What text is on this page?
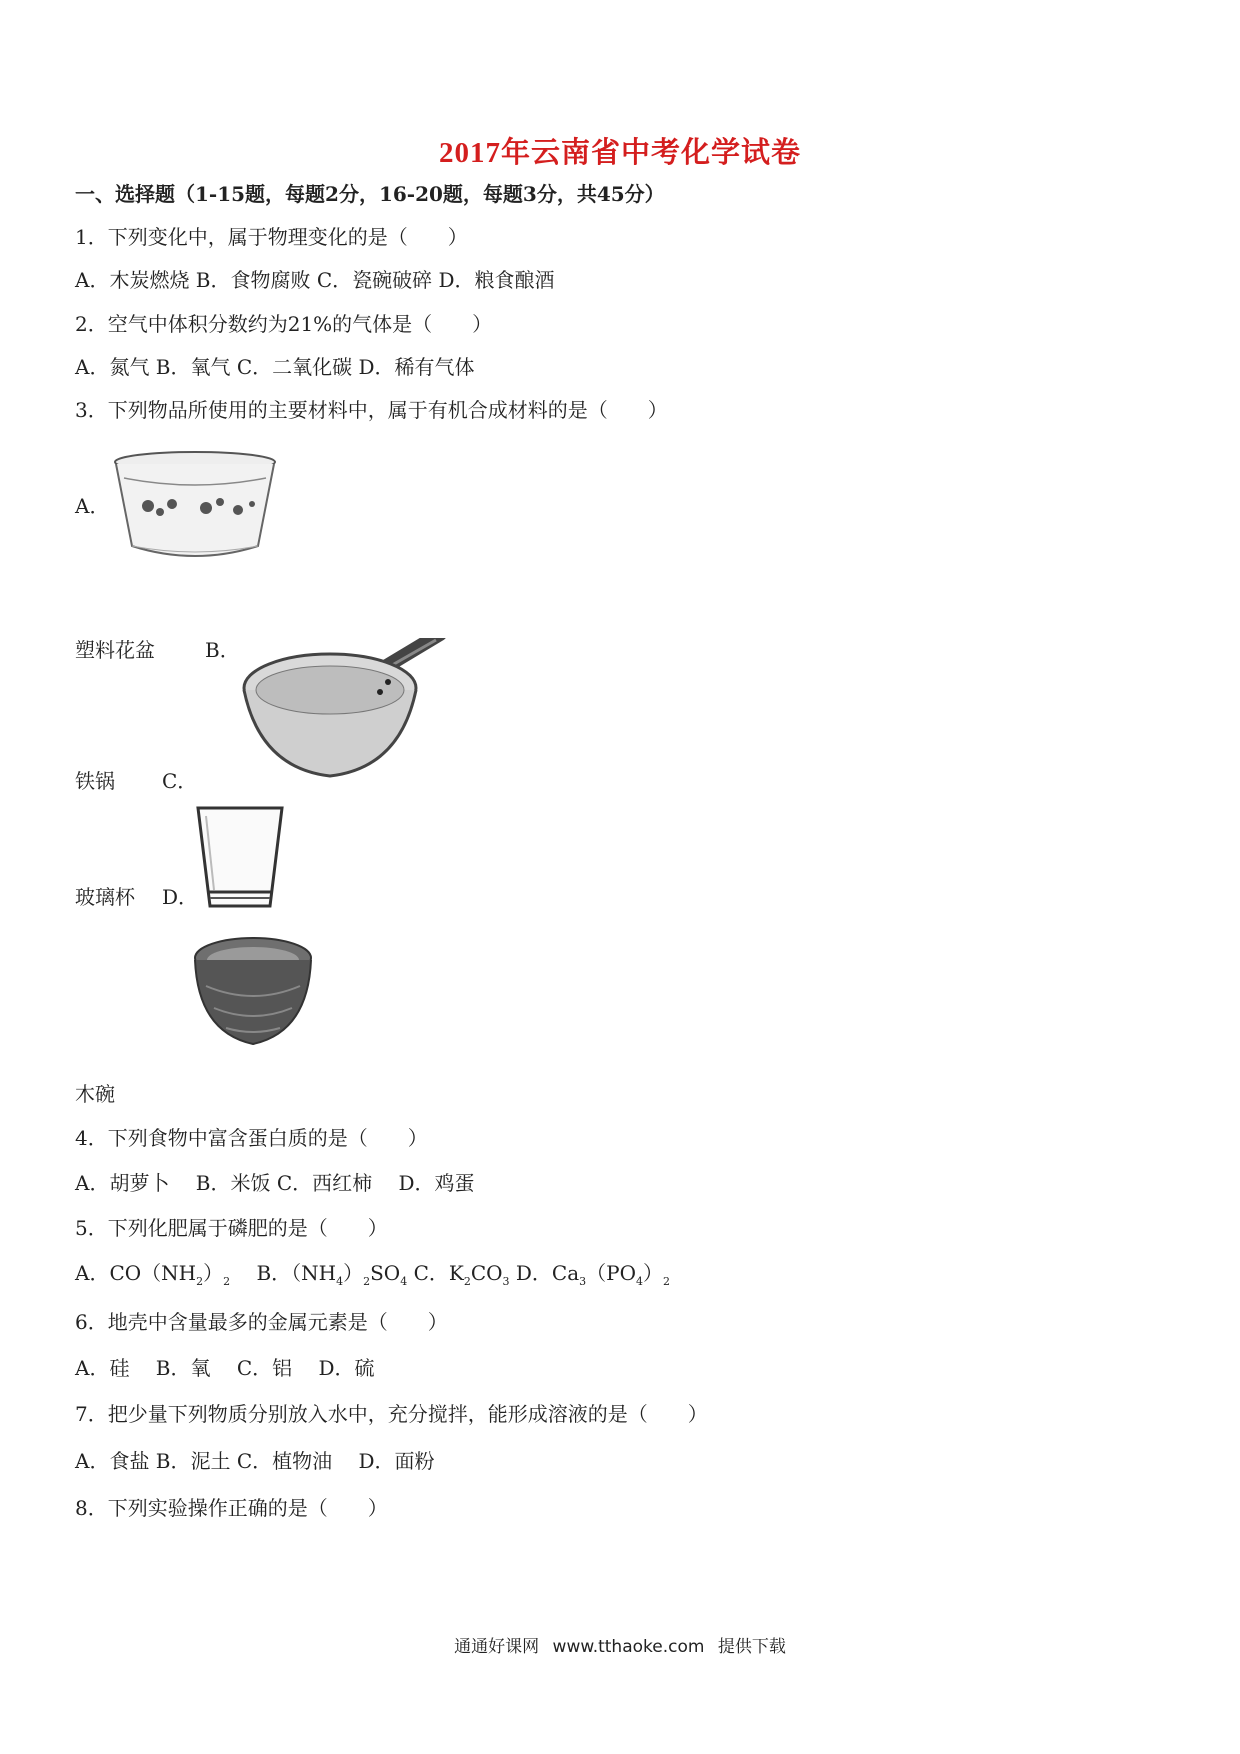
2017年云南省中考化学试卷
一、选择题（1-15题，每题2分，16-20题，每题3分，共45分）
1．下列变化中，属于物理变化的是（　　）
A．木炭燃烧 B．食物腐败 C．瓷碗破碎 D．粮食酿酒
2．空气中体积分数约为21%的气体是（　　）
A．氮气 B．氧气 C．二氧化碳 D．稀有气体
3．下列物品所使用的主要材料中，属于有机合成材料的是（　　）
A．
塑料花盆	B．
铁锅 C．
玻璃杯 D．
木碗
4．下列食物中富含蛋白质的是（　　）
A．胡萝卜　 B．米饭 C．西红柿　 D．鸡蛋
5．下列化肥属于磷肥的是（　　）
A．$CO(NH_2)_2$　 B．$(NH_4)_2SO_4$ C．$K_2CO_3$ D．$Ca_3(PO_4)_2$
6．地壳中含量最多的金属元素是（　　）
A．硅　 B．氧　 C．铝　 D．硫
7．把少量下列物质分别放入水中，充分搅拌，能形成溶液的是（　　）
A．食盐 B．泥土 C．植物油　 D．面粉
8．下列实验操作正确的是（　　）
通通好课网 www.tthaoke.com 提供下载
